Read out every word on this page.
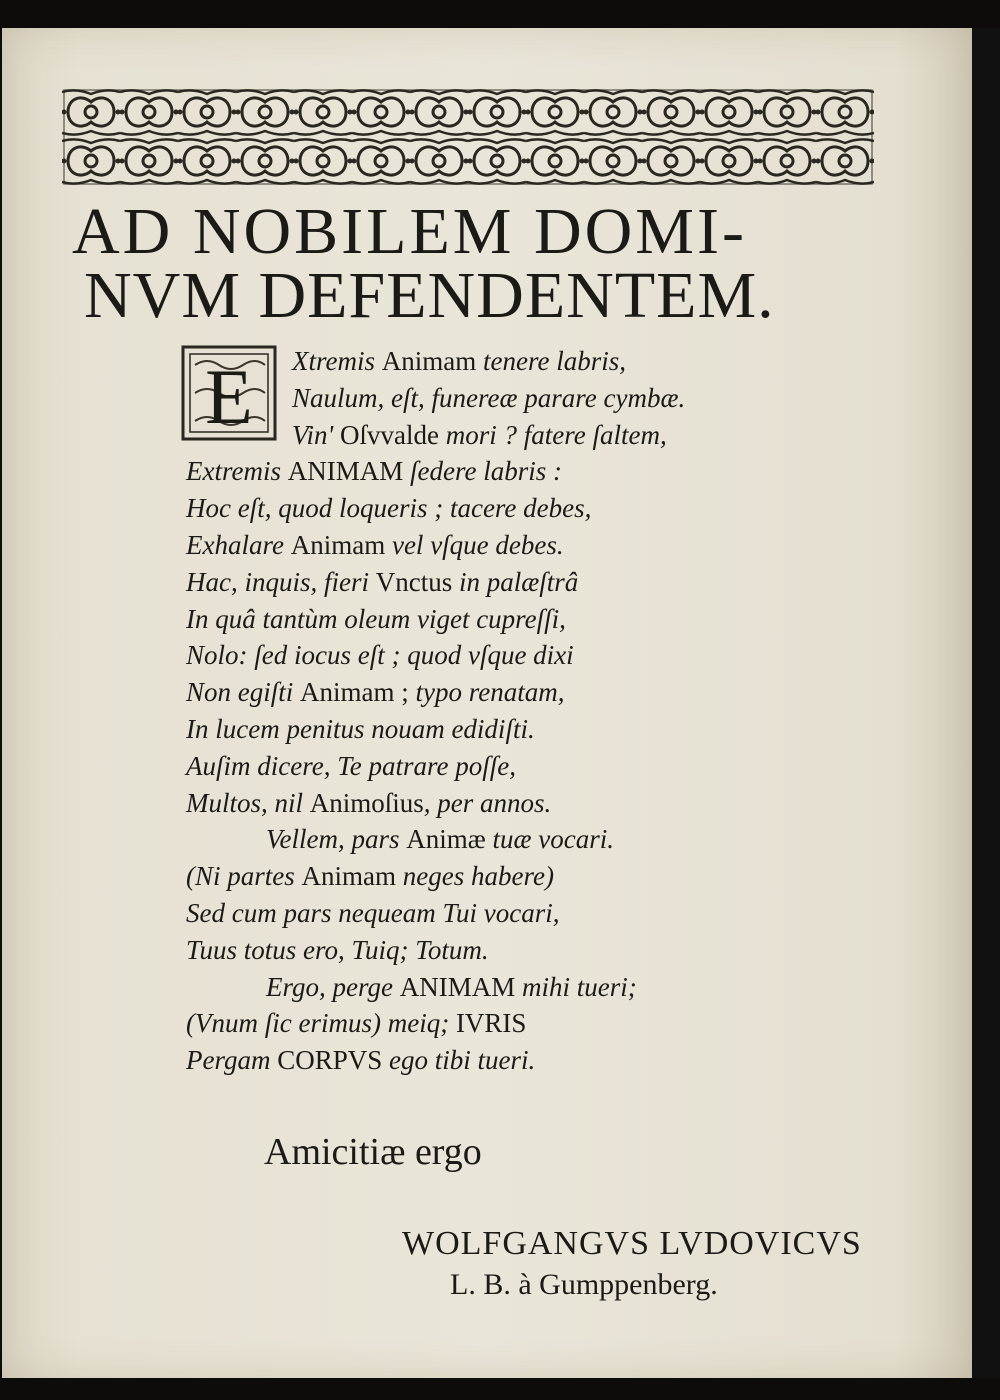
AD NOBILEM DOMI-
NVM DEFENDENTEM.
E	Xtremis Animam tenere labris,
Naulum, eſt, funereæ parare cymbæ.
Vin' Oſvvalde mori ? fatere ſaltem,
Extremis ANIMAM ſedere labris :
Hoc eſt, quod loqueris ; tacere debes,
Exhalare Animam vel vſque debes.
Hac, inquis, fieri Vnctus in palæſtrâ
In quâ tantùm oleum viget cupreſſi,
Nolo: ſed iocus eſt ; quod vſque dixi
Non egiſti Animam ; typo renatam,
In lucem penitus nouam edidiſti.
Auſim dicere, Te patrare poſſe,
Multos, nil Animoſius, per annos.
Vellem, pars Animæ tuæ vocari.
(Ni partes Animam neges habere)
Sed cum pars nequeam Tui vocari,
Tuus totus ero, Tuiq; Totum.
Ergo, perge ANIMAM mihi tueri;
(Vnum ſic erimus) meiq; IVRIS
Pergam CORPVS ego tibi tueri.
Amicitiæ ergo
WOLFGANGVS LVDOVICVS
L. B. à Gumppenberg.
